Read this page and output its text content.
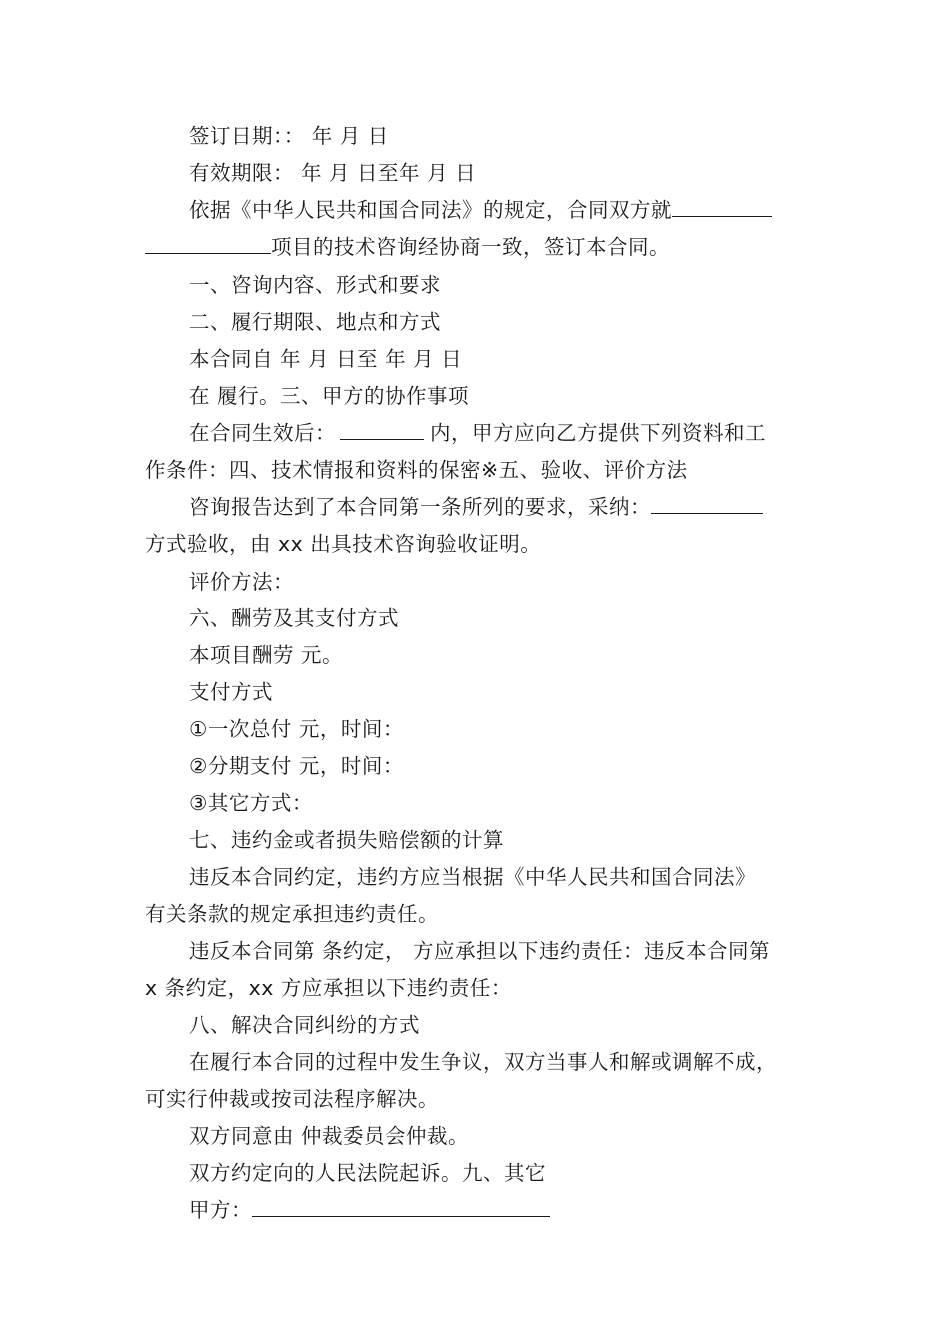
签订日期：： 年 月 日
有效期限： 年 月 日至年 月 日
依据《中华人民共和国合同法》的规定，合同双方就
项目的技术咨询经协商一致，签订本合同。
一、咨询内容、形式和要求
二、履行期限、地点和方式
本合同自 年 月 日至 年 月 日
在 履行。三、甲方的协作事项
在合同生效后：	内，甲方应向乙方提供下列资料和工
作条件：四、技术情报和资料的保密※五、验收、评价方法
咨询报告达到了本合同第一条所列的要求，采纳：
方式验收，由 xx 出具技术咨询验收证明。
评价方法：
六、酬劳及其支付方式
本项目酬劳 元。
支付方式
①一次总付 元，时间：
②分期支付 元，时间：
③其它方式：
七、违约金或者损失赔偿额的计算
违反本合同约定，违约方应当根据《中华人民共和国合同法》
有关条款的规定承担违约责任。
违反本合同第 条约定， 方应承担以下违约责任：违反本合同第
x 条约定，xx 方应承担以下违约责任：
八、解决合同纠纷的方式
在履行本合同的过程中发生争议，双方当事人和解或调解不成，
可实行仲裁或按司法程序解决。
双方同意由 仲裁委员会仲裁。
双方约定向的人民法院起诉。九、其它
甲方：
